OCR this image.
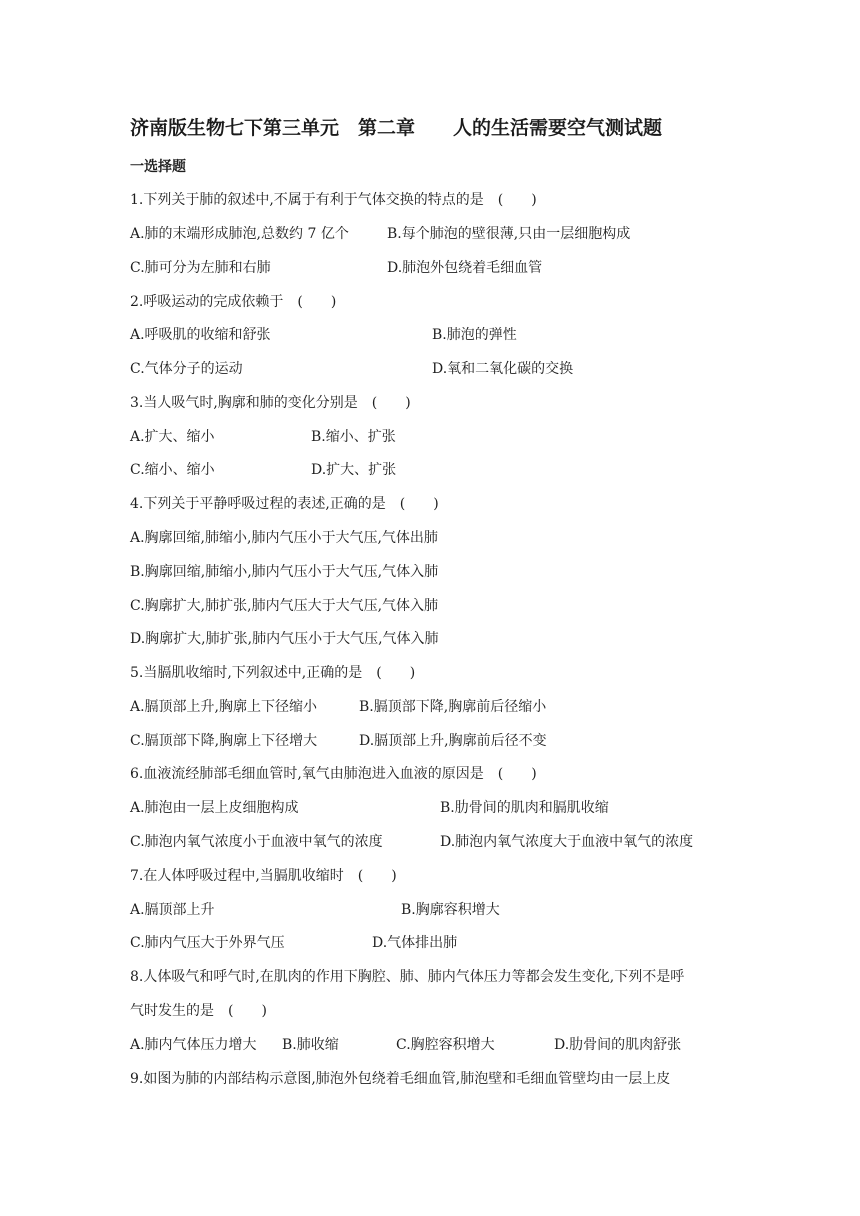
济南版生物七下第三单元　第二章　　人的生活需要空气测试题
一选择题
1.下列关于肺的叙述中,不属于有利于气体交换的特点的是　(　　)

A.肺的末端形成肺泡,总数约 7 亿个

	B.每个肺泡的壁很薄,只由一层细胞构成

C.肺可分为左肺和右肺

	D.肺泡外包绕着毛细血管

2.呼吸运动的完成依赖于　(　　)

A.呼吸肌的收缩和舒张

	B.肺泡的弹性

C.气体分子的运动

	D.氧和二氧化碳的交换

3.当人吸气时,胸廓和肺的变化分别是　(　　)

A.扩大、缩小

	B.缩小、扩张

C.缩小、缩小

	D.扩大、扩张

4.下列关于平静呼吸过程的表述,正确的是　(　　)
A.胸廓回缩,肺缩小,肺内气压小于大气压,气体出肺
B.胸廓回缩,肺缩小,肺内气压小于大气压,气体入肺
C.胸廓扩大,肺扩张,肺内气压大于大气压,气体入肺
D.胸廓扩大,肺扩张,肺内气压小于大气压,气体入肺
5.当膈肌收缩时,下列叙述中,正确的是　(　　)

A.膈顶部上升,胸廓上下径缩小

	B.膈顶部下降,胸廓前后径缩小

C.膈顶部下降,胸廓上下径增大

	D.膈顶部上升,胸廓前后径不变

6.血液流经肺部毛细血管时,氧气由肺泡进入血液的原因是　(　　)

A.肺泡由一层上皮细胞构成

	B.肋骨间的肌肉和膈肌收缩

C.肺泡内氧气浓度小于血液中氧气的浓度

	D.肺泡内氧气浓度大于血液中氧气的浓度

7.在人体呼吸过程中,当膈肌收缩时　(　　)

A.膈顶部上升

	B.胸廓容积增大

C.肺内气压大于外界气压

	D.气体排出肺

8.人体吸气和呼气时,在肌肉的作用下胸腔、肺、肺内气体压力等都会发生变化,下列不是呼
气时发生的是　(　　)

A.肺内气体压力增大

B.肺收缩

	C.胸腔容积增大

	D.肋骨间的肌肉舒张

9.如图为肺的内部结构示意图,肺泡外包绕着毛细血管,肺泡壁和毛细血管壁均由一层上皮
